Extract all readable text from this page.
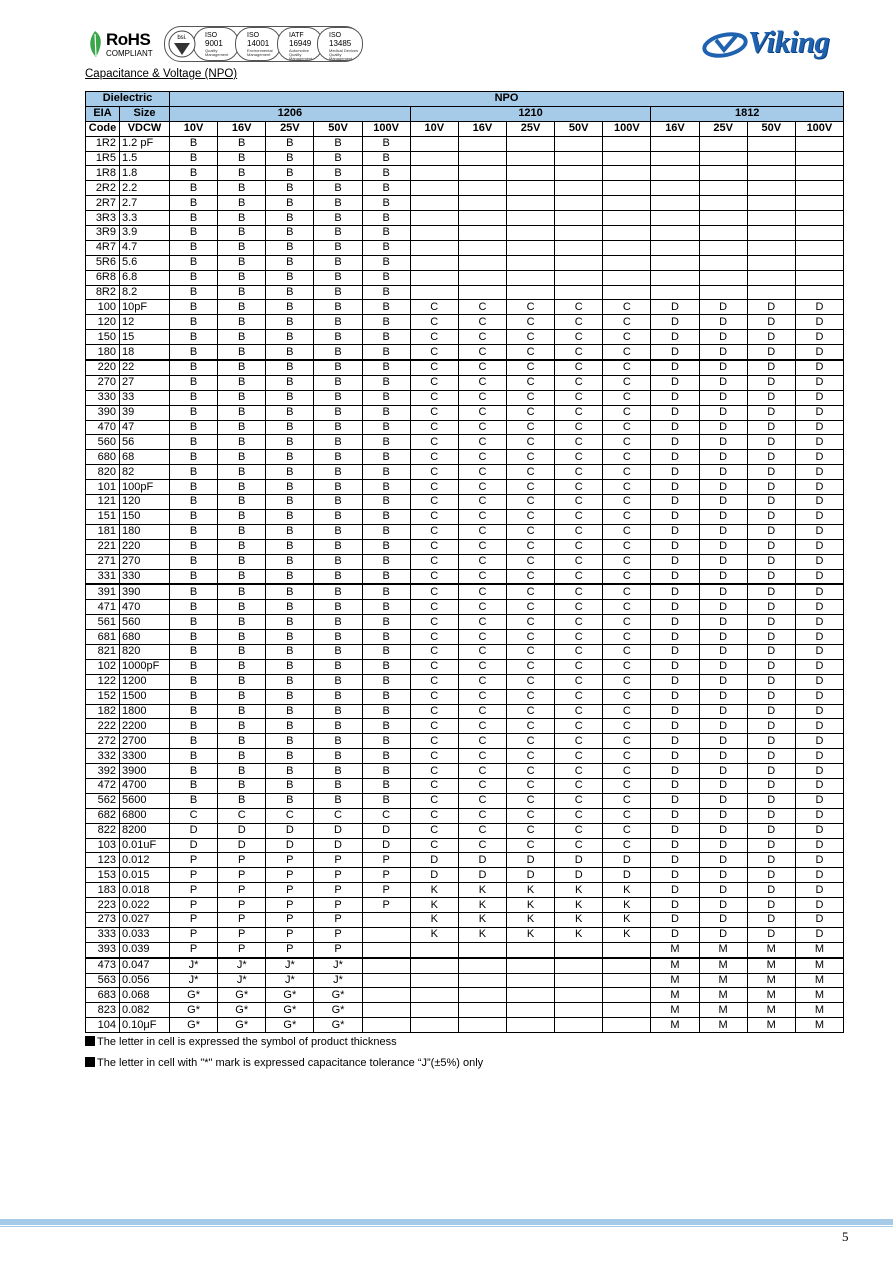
RoHS
COMPLIANT
ISO
9001
Quality Management
ISO
14001
Environmental Management
IATF
16949
Automotive Quality Management
ISO
13485
Medical Devices Quality Management
bsi.	Viking
Capacitance & Voltage (NPO)
Dielectric		NPO													
EIA	Size	1206					1210					1812			
Code	VDCW	10V	16V	25V	50V	100V	10V	16V	25V	50V	100V	16V	25V	50V	100V
1R2	1.2 pF	B	B	B	B	B									
1R5	1.5	B	B	B	B	B									
1R8	1.8	B	B	B	B	B									
2R2	2.2	B	B	B	B	B									
2R7	2.7	B	B	B	B	B									
3R3	3.3	B	B	B	B	B									
3R9	3.9	B	B	B	B	B									
4R7	4.7	B	B	B	B	B									
5R6	5.6	B	B	B	B	B									
6R8	6.8	B	B	B	B	B									
8R2	8.2	B	B	B	B	B									
100	10pF	B	B	B	B	B	C	C	C	C	C	D	D	D	D
120	12	B	B	B	B	B	C	C	C	C	C	D	D	D	D
150	15	B	B	B	B	B	C	C	C	C	C	D	D	D	D
180	18	B	B	B	B	B	C	C	C	C	C	D	D	D	D
220	22	B	B	B	B	B	C	C	C	C	C	D	D	D	D
270	27	B	B	B	B	B	C	C	C	C	C	D	D	D	D
330	33	B	B	B	B	B	C	C	C	C	C	D	D	D	D
390	39	B	B	B	B	B	C	C	C	C	C	D	D	D	D
470	47	B	B	B	B	B	C	C	C	C	C	D	D	D	D
560	56	B	B	B	B	B	C	C	C	C	C	D	D	D	D
680	68	B	B	B	B	B	C	C	C	C	C	D	D	D	D
820	82	B	B	B	B	B	C	C	C	C	C	D	D	D	D
101	100pF	B	B	B	B	B	C	C	C	C	C	D	D	D	D
121	120	B	B	B	B	B	C	C	C	C	C	D	D	D	D
151	150	B	B	B	B	B	C	C	C	C	C	D	D	D	D
181	180	B	B	B	B	B	C	C	C	C	C	D	D	D	D
221	220	B	B	B	B	B	C	C	C	C	C	D	D	D	D
271	270	B	B	B	B	B	C	C	C	C	C	D	D	D	D
331	330	B	B	B	B	B	C	C	C	C	C	D	D	D	D
391	390	B	B	B	B	B	C	C	C	C	C	D	D	D	D
471	470	B	B	B	B	B	C	C	C	C	C	D	D	D	D
561	560	B	B	B	B	B	C	C	C	C	C	D	D	D	D
681	680	B	B	B	B	B	C	C	C	C	C	D	D	D	D
821	820	B	B	B	B	B	C	C	C	C	C	D	D	D	D
102	1000pF	B	B	B	B	B	C	C	C	C	C	D	D	D	D
122	1200	B	B	B	B	B	C	C	C	C	C	D	D	D	D
152	1500	B	B	B	B	B	C	C	C	C	C	D	D	D	D
182	1800	B	B	B	B	B	C	C	C	C	C	D	D	D	D
222	2200	B	B	B	B	B	C	C	C	C	C	D	D	D	D
272	2700	B	B	B	B	B	C	C	C	C	C	D	D	D	D
332	3300	B	B	B	B	B	C	C	C	C	C	D	D	D	D
392	3900	B	B	B	B	B	C	C	C	C	C	D	D	D	D
472	4700	B	B	B	B	B	C	C	C	C	C	D	D	D	D
562	5600	B	B	B	B	B	C	C	C	C	C	D	D	D	D
682	6800	C	C	C	C	C	C	C	C	C	C	D	D	D	D
822	8200	D	D	D	D	D	C	C	C	C	C	D	D	D	D
103	0.01uF	D	D	D	D	D	C	C	C	C	C	D	D	D	D
123	0.012	P	P	P	P	P	D	D	D	D	D	D	D	D	D
153	0.015	P	P	P	P	P	D	D	D	D	D	D	D	D	D
183	0.018	P	P	P	P	P	K	K	K	K	K	D	D	D	D
223	0.022	P	P	P	P	P	K	K	K	K	K	D	D	D	D
273	0.027	P	P	P	P		K	K	K	K	K	D	D	D	D
333	0.033	P	P	P	P		K	K	K	K	K	D	D	D	D
393	0.039	P	P	P	P							M	M	M	M
473	0.047	J*	J*	J*	J*							M	M	M	M
563	0.056	J*	J*	J*	J*							M	M	M	M
683	0.068	G*	G*	G*	G*							M	M	M	M
823	0.082	G*	G*	G*	G*							M	M	M	M
104	0.10μF	G*	G*	G*	G*							M	M	M	M
The letter in cell is expressed the symbol of product thickness
The letter in cell with "*" mark is expressed capacitance tolerance “J”(±5%) only
5
